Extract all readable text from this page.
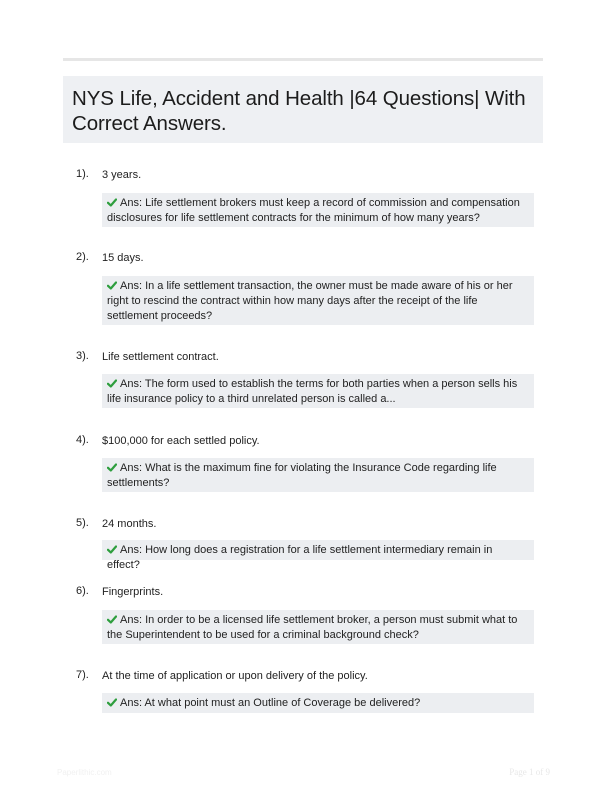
NYS Life, Accident and Health |64 Questions| With Correct Answers.
1). 3 years.
Ans: Life settlement brokers must keep a record of commission and compensation disclosures for life settlement contracts for the minimum of how many years?
2). 15 days.
Ans: In a life settlement transaction, the owner must be made aware of his or her right to rescind the contract within how many days after the receipt of the life settlement proceeds?
3). Life settlement contract.
Ans: The form used to establish the terms for both parties when a person sells his life insurance policy to a third unrelated person is called a...
4). $100,000 for each settled policy.
Ans: What is the maximum fine for violating the Insurance Code regarding life settlements?
5). 24 months.
Ans: How long does a registration for a life settlement intermediary remain in effect?
6). Fingerprints.
Ans: In order to be a licensed life settlement broker, a person must submit what to the Superintendent to be used for a criminal background check?
7). At the time of application or upon delivery of the policy.
Ans: At what point must an Outline of Coverage be delivered?
Paperlithic.com	Page 1 of 9
